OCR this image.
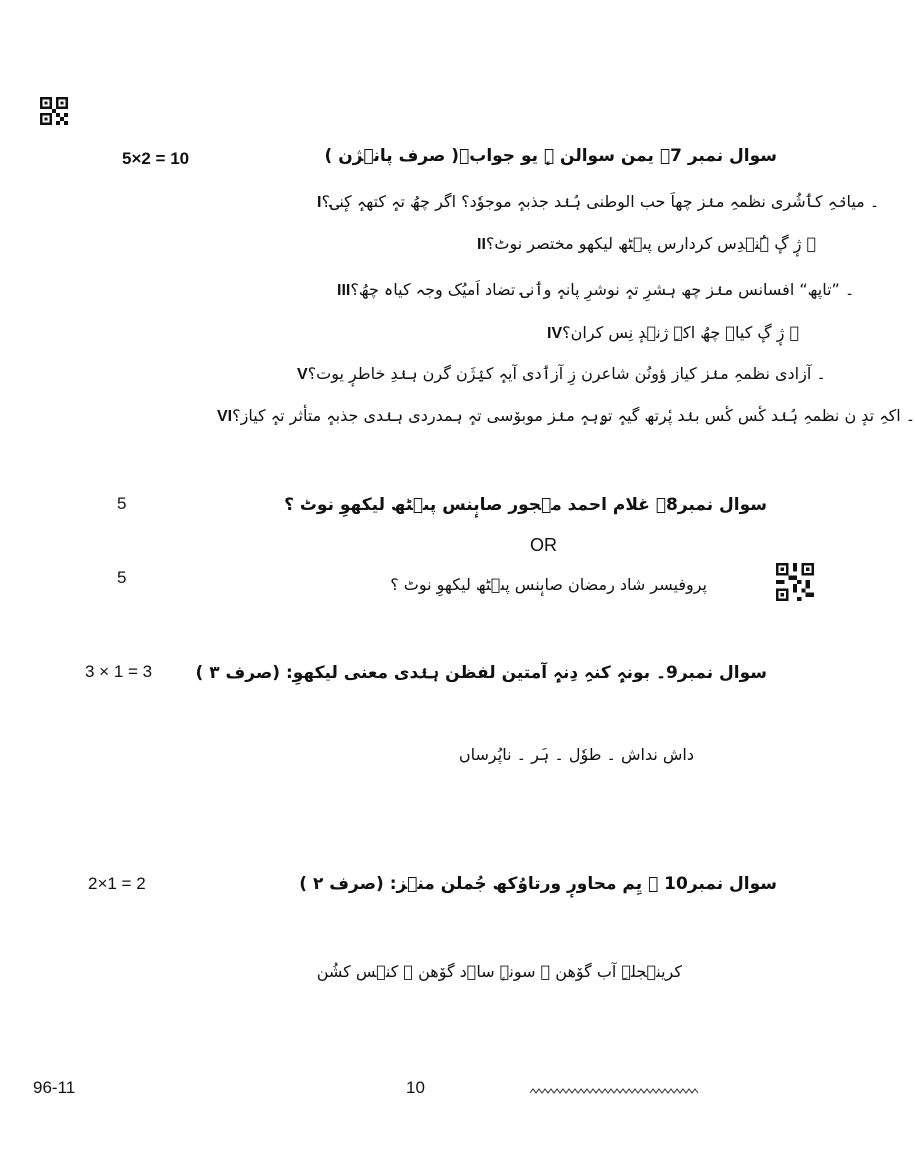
سوال نمبر 7۔ یمن سوالن ہٕ یو جواب۔( صرف پانٛژن )
5×2 = 10
I۔ میانٛہِ کٲشُری نظمہِ منٛز چھاَ حب الوطنی ہُنٛد جذبہٕ موجوٗد؟ اگر چھُ تہٕ کتھہٕ کٕنۍ؟
II۔ ژٕ گٕ ہُنٛدِس کردارس پٮ۪ٹھ لیکھو مختصر نوٹ؟
III۔ ”تاپھ“ افسانس منٛز چھ ہشرِ تہٕ نوشرِ پانہٕ وٲنۍ تضاد اَمیُک وجہ کیاہ چھُ؟
IV۔ ژٕ گٕ کیاہ چھُ اکہِ ژنٛدٕ نِس کران؟
V۔ آزادی نظمہِ منٛز کیاز ؤونُن شاعرن زِ آزٲدی آیہٕ کیٛژَن گرن ہنٛدِ خاطرٕ یوت؟
VI۔ اکہِ تدٕ ن نظمہِ ہُنٛد کٔس کٔس بنٛد پٔرتھ گیہٕ تۄہہٕ منٛز موبوٚسی تہٕ ہمدردی ہنٛدی جذبہٕ متأثر تہٕ کیاز؟
سوال نمبر8۔ غلام احمد مہجور صابٕنس پٮ۪ٹھ لیکھوِ نوٹ ؟
5
OR
پروفیسر شاد رمضان صابٕنس پٮ۪ٹھ لیکھوِ نوٹ ؟
5
سوال نمبر9۔ بونہٕ کنہِ دِنہٕ آمتین لفظن ہنٛدی معنی لیکھوِ: (صرف ۳ )
3 × 1 = 3
داش نداش ۔ طوٗل ۔ ہَر ۔ ناپُرساں
سوال نمبر10 ۔ یِم محاورٕ ورتاوُکھ جُملن منٛز: (صرف ۲ )
2×1 = 2
کرینٛجلہِ آب گوٚھن ۔ سونہٕ ساۄد گوٚھن ۔ کنٛس کشُن
96-11	10
